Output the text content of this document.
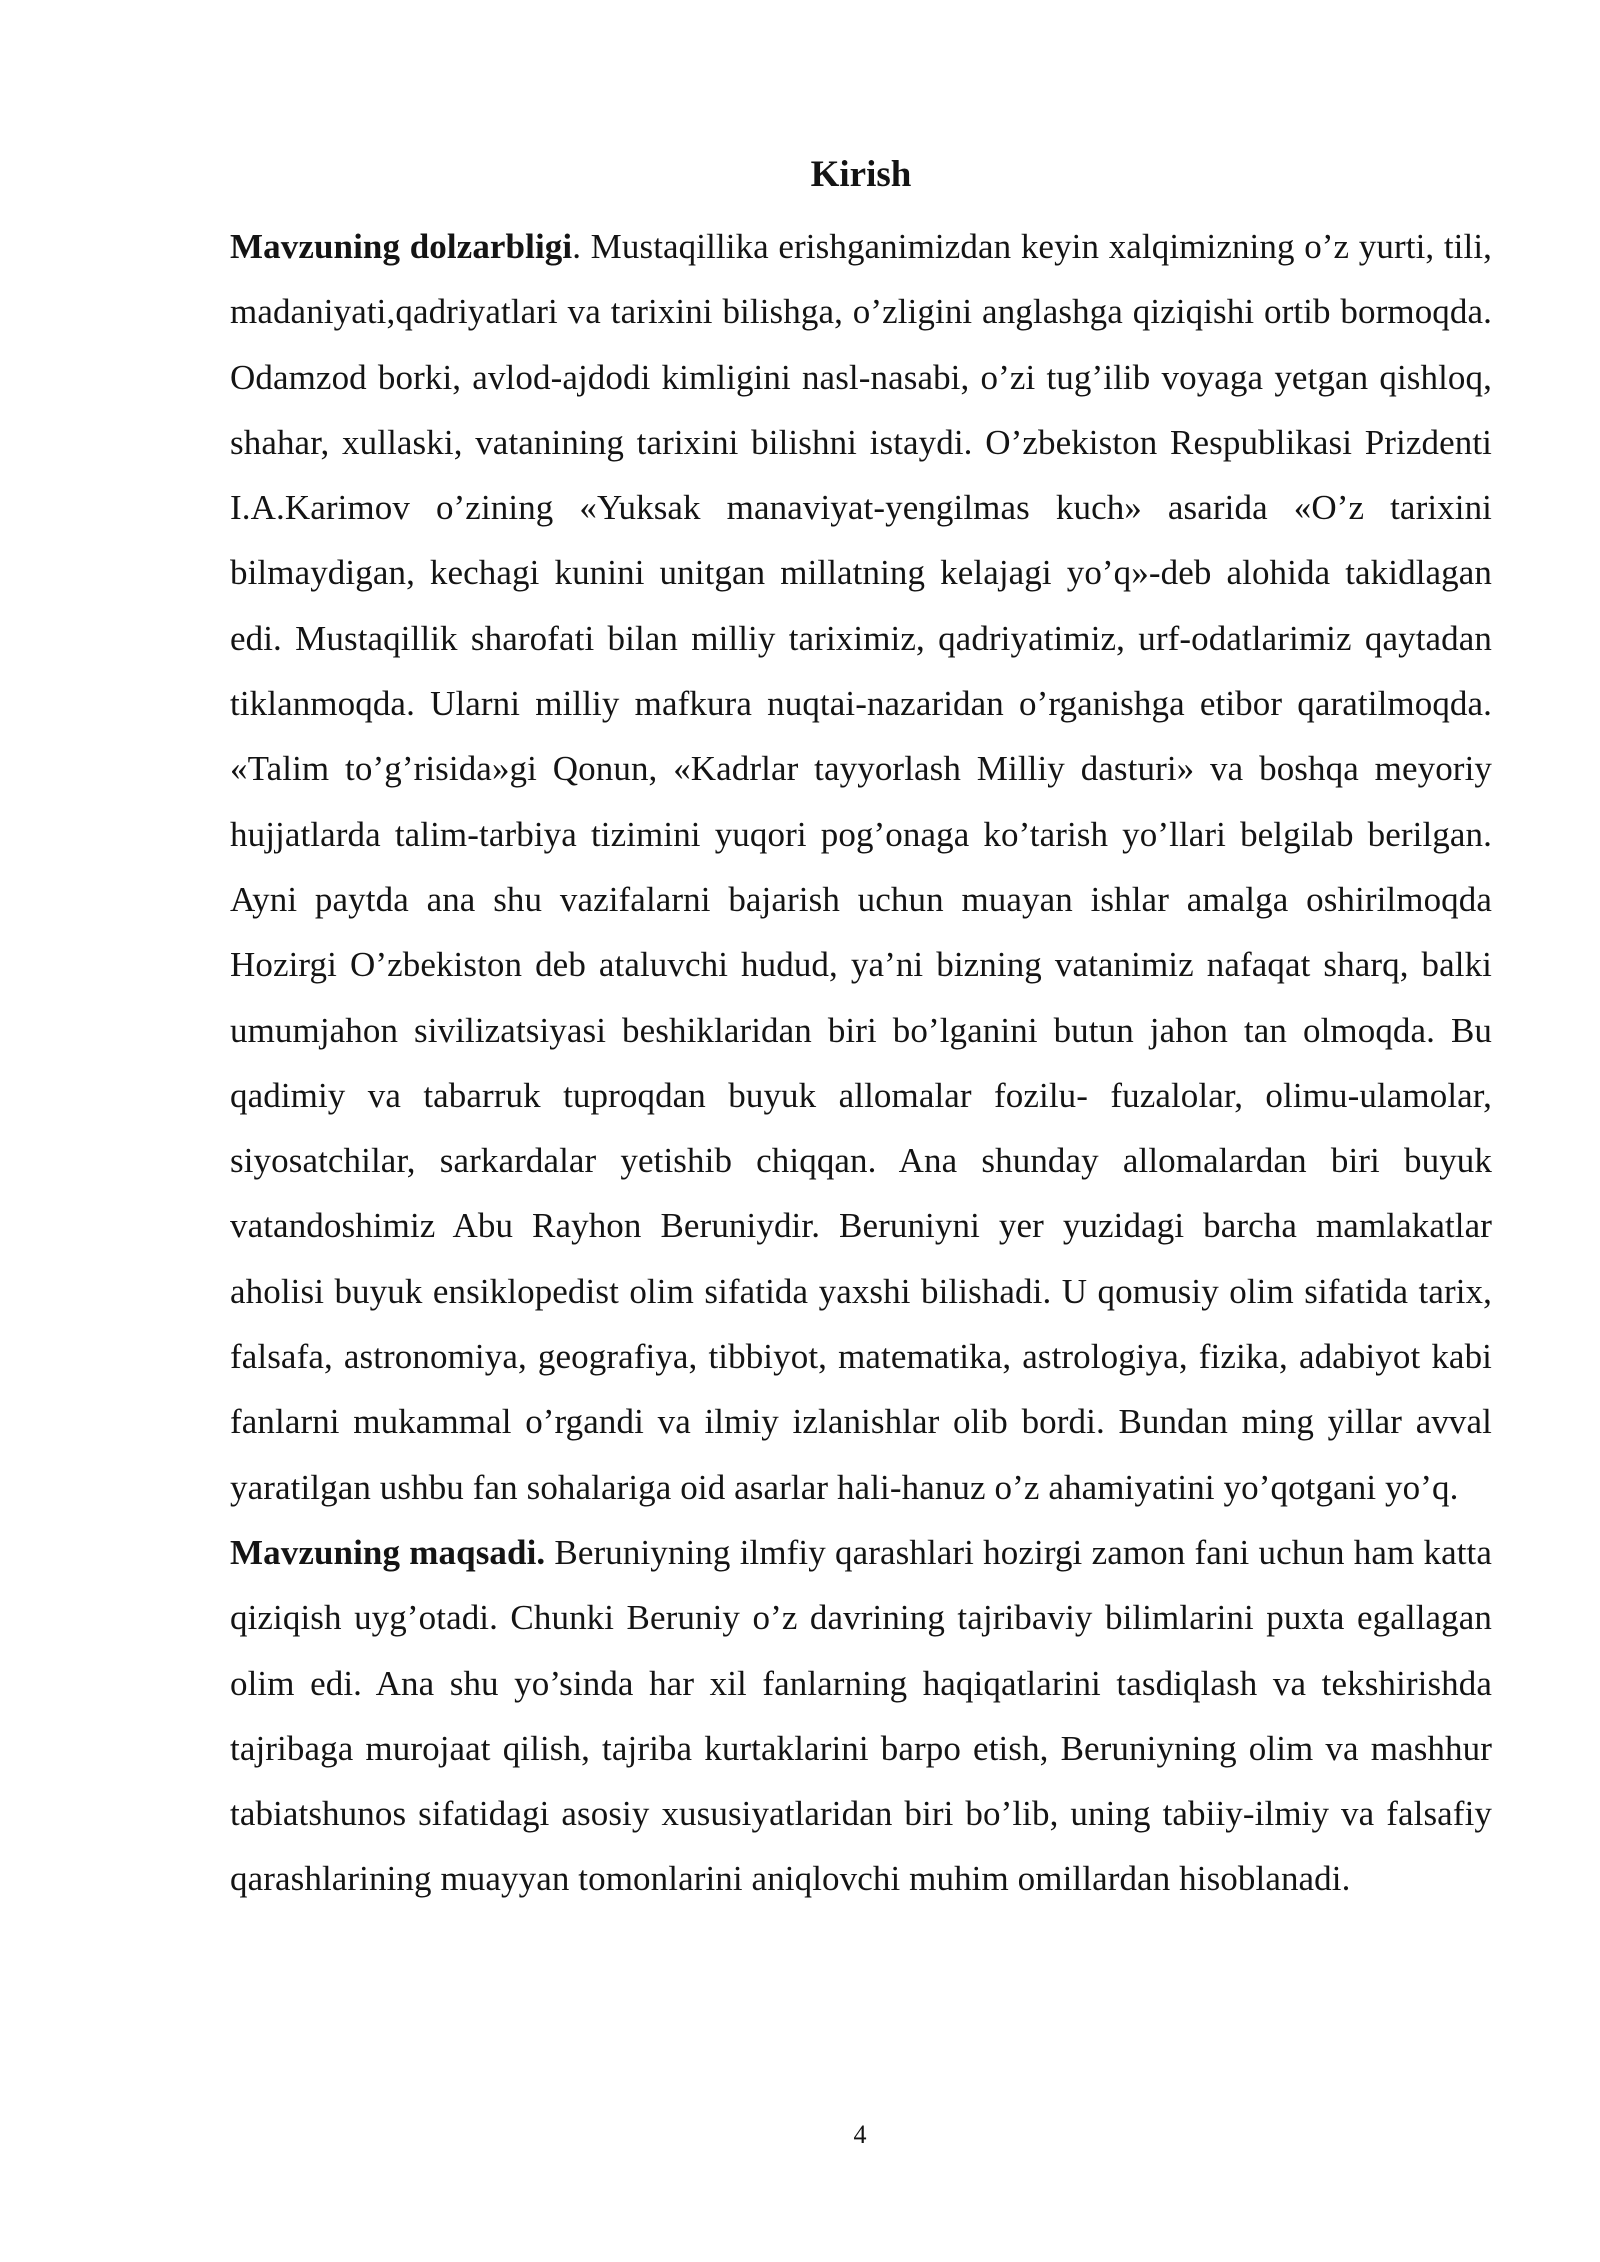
Kirish

Mavzuning dolzarbligi. Mustaqillika erishganimizdan keyin xalqimizning o’z yurti, tili, madaniyati,qadriyatlari va tarixini bilishga, o’zligini anglashga qiziqishi ortib bormoqda. Odamzod borki, avlod-ajdodi kimligini nasl-nasabi, o’zi tug’ilib voyaga yetgan qishloq, shahar, xullaski, vatanining tarixini bilishni istaydi. O’zbekiston Respublikasi Prizdenti I.A.Karimov o’zining «Yuksak manaviyat-yengilmas kuch» asarida «O’z tarixini bilmaydigan, kechagi kunini unitgan millatning kelajagi yo’q»-deb alohida takidlagan edi. Mustaqillik sharofati bilan milliy tariximiz, qadriyatimiz, urf-odatlarimiz qaytadan tiklanmoqda. Ularni milliy mafkura nuqtai-nazaridan o’rganishga etibor qaratilmoqda. «Talim to’g’risida»gi Qonun, «Kadrlar tayyorlash Milliy dasturi» va boshqa meyoriy hujjatlarda talim-tarbiya tizimini yuqori pog’onaga ko’tarish yo’llari belgilab berilgan. Ayni paytda ana shu vazifalarni bajarish uchun muayan ishlar amalga oshirilmoqda Hozirgi O’zbekiston deb ataluvchi hudud, ya’ni bizning vatanimiz nafaqat sharq, balki umumjahon sivilizatsiyasi beshiklaridan biri bo’lganini butun jahon tan olmoqda. Bu qadimiy va tabarruk tuproqdan buyuk allomalar fozilu- fuzalolar, olimu-ulamolar, siyosatchilar, sarkardalar yetishib chiqqan. Ana shunday allomalardan biri buyuk vatandoshimiz Abu Rayhon Beruniydir. Beruniyni yer yuzidagi barcha mamlakatlar aholisi buyuk ensiklopedist olim sifatida yaxshi bilishadi. U qomusiy olim sifatida tarix, falsafa, astronomiya, geografiya, tibbiyot, matematika, astrologiya, fizika, adabiyot kabi fanlarni mukammal o’rgandi va ilmiy izlanishlar olib bordi. Bundan ming yillar avval yaratilgan ushbu fan sohalariga oid asarlar hali-hanuz o’z ahamiyatini yo’qotgani yo’q.

Mavzuning maqsadi. Beruniyning ilmfiy qarashlari hozirgi zamon fani uchun ham katta qiziqish uyg’otadi. Chunki Beruniy o’z davrining tajribaviy bilimlarini puxta egallagan olim edi. Ana shu yo’sinda har xil fanlarning haqiqatlarini tasdiqlash va tekshirishda tajribaga murojaat qilish, tajriba kurtaklarini barpo etish, Beruniyning olim va mashhur tabiatshunos sifatidagi asosiy xususiyatlaridan biri bo’lib, uning tabiiy-ilmiy va falsafiy qarashlarining muayyan tomonlarini aniqlovchi muhim omillardan hisoblanadi.

4
